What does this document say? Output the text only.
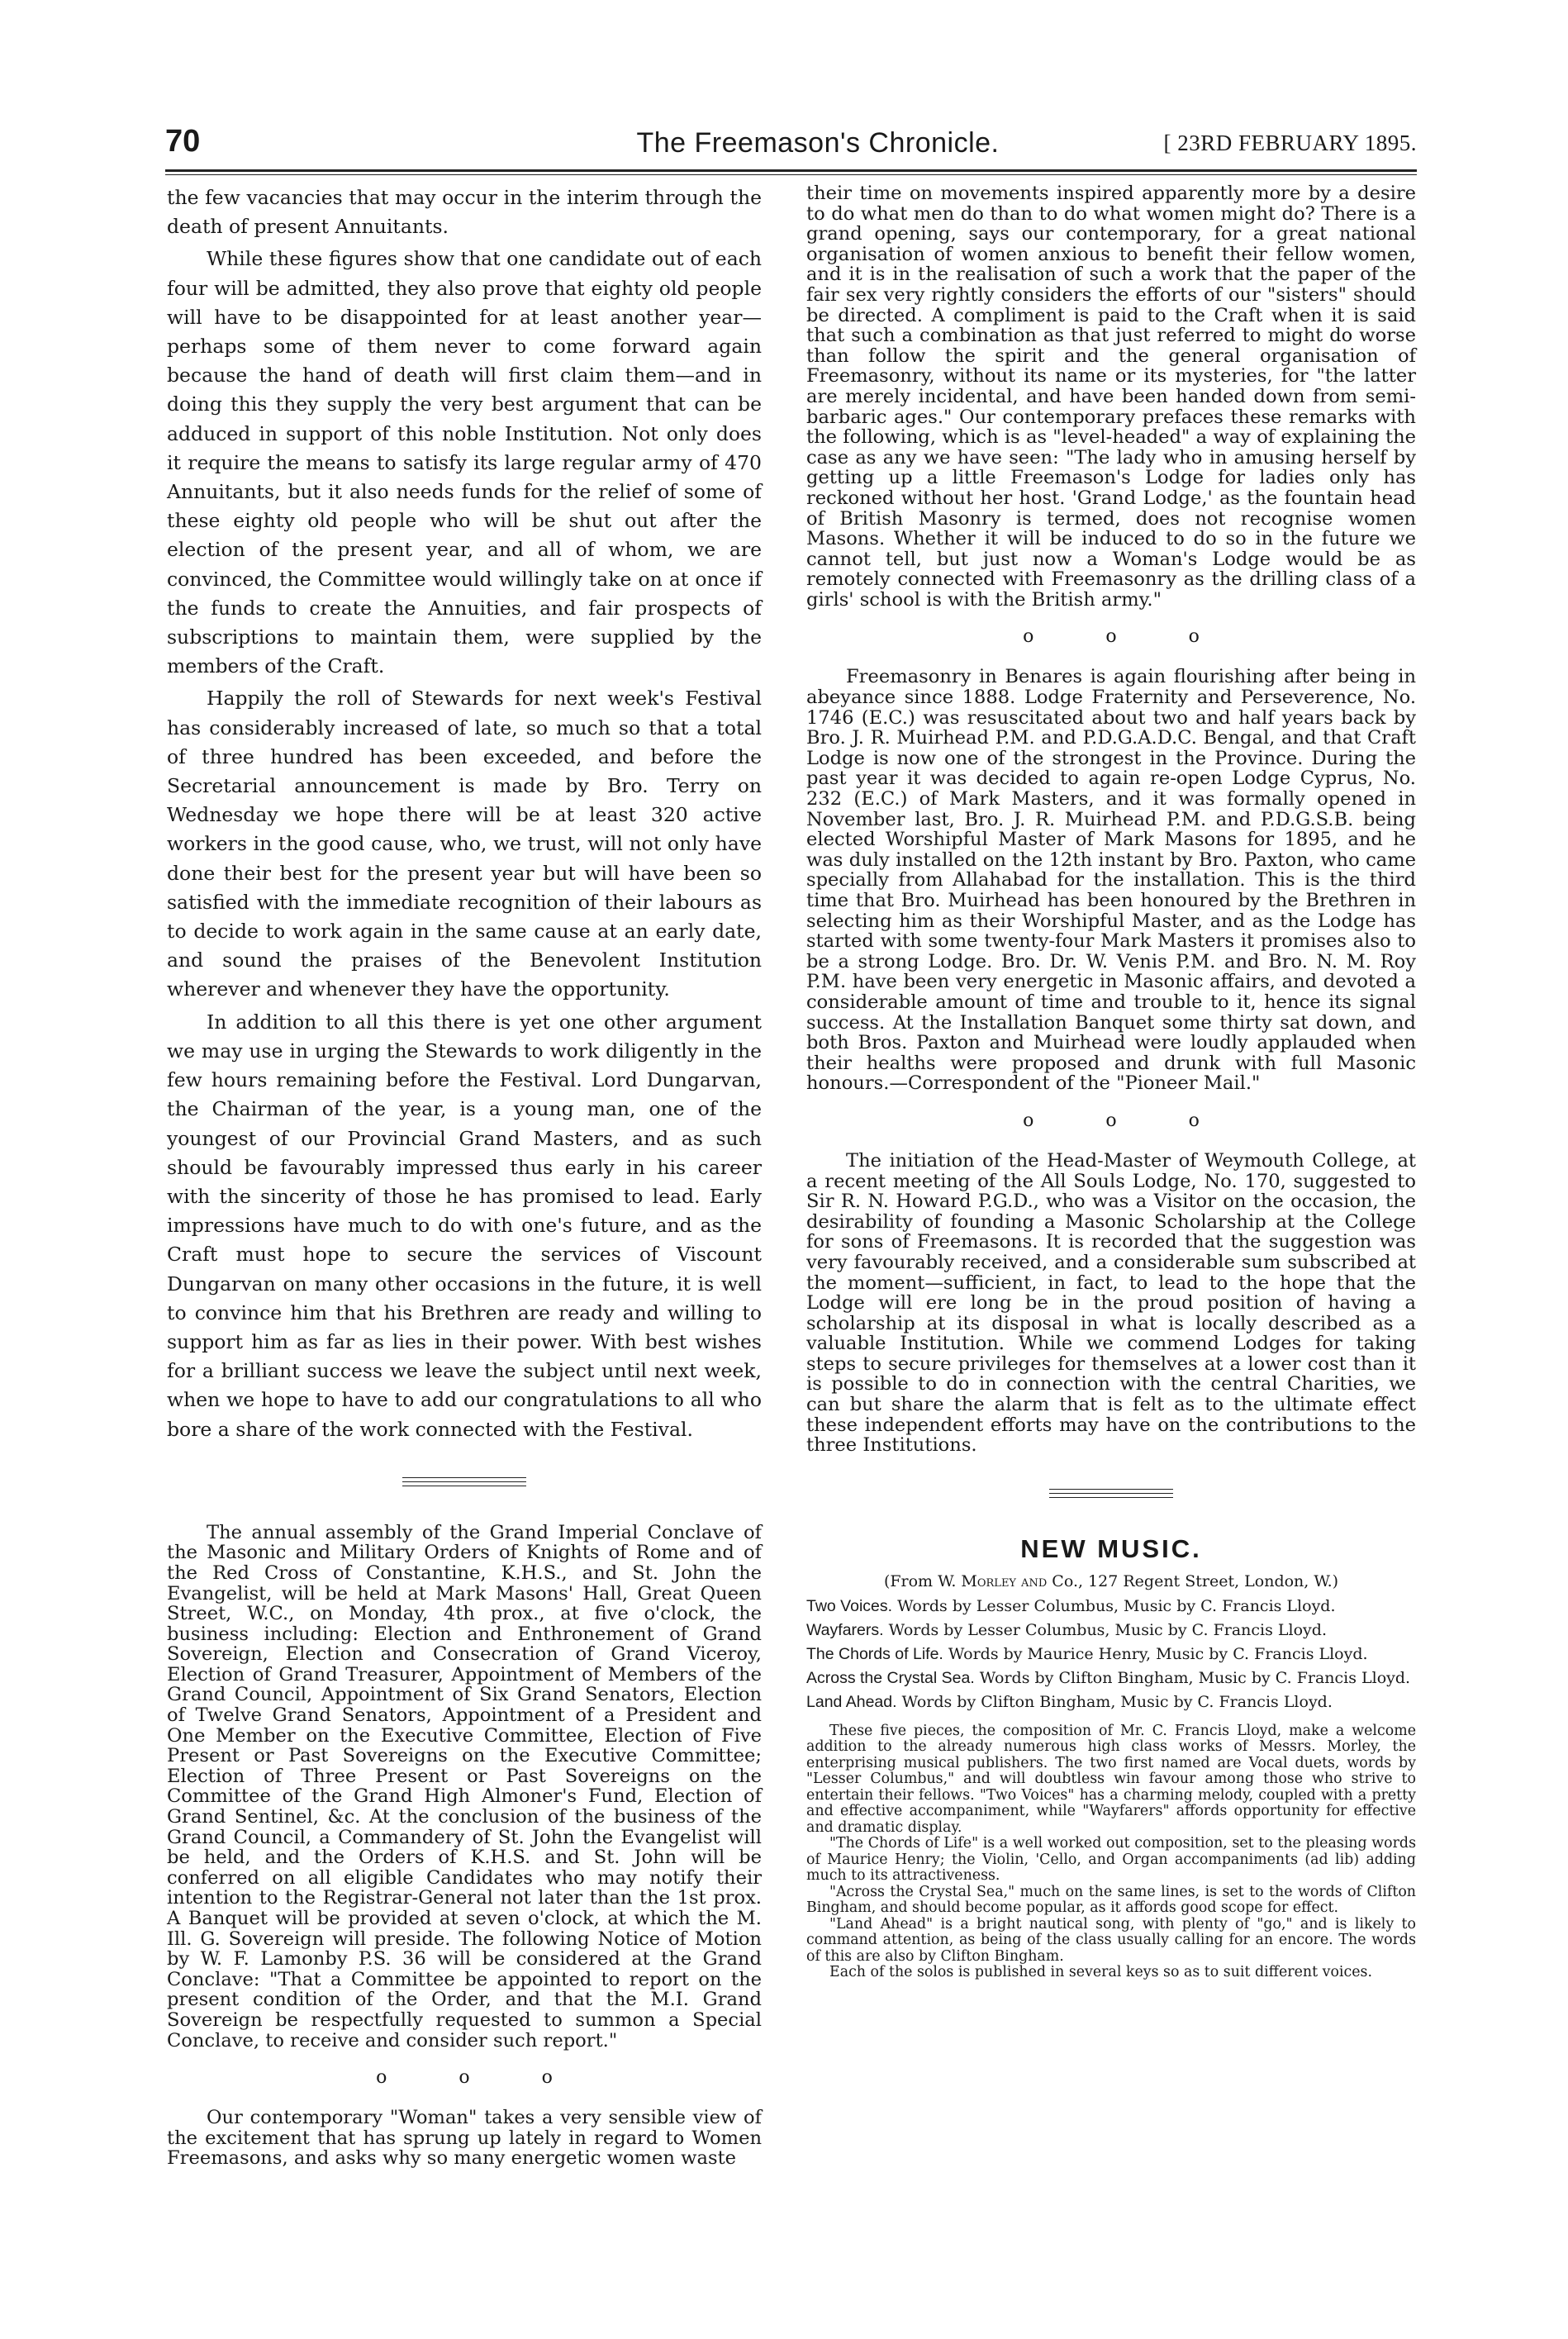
70	The Freemason's Chronicle.	[ 23RD FEBRUARY 1895.

the few vacancies that may occur in the interim through the death of present Annuitants.

While these figures show that one candidate out of each four will be admitted, they also prove that eighty old people will have to be disappointed for at least another year—perhaps some of them never to come forward again because the hand of death will first claim them—and in doing this they supply the very best argument that can be adduced in support of this noble Institution. Not only does it require the means to satisfy its large regular army of 470 Annuitants, but it also needs funds for the relief of some of these eighty old people who will be shut out after the election of the present year, and all of whom, we are convinced, the Committee would willingly take on at once if the funds to create the Annuities, and fair prospects of subscriptions to maintain them, were supplied by the members of the Craft.

Happily the roll of Stewards for next week's Festival has considerably increased of late, so much so that a total of three hundred has been exceeded, and before the Secretarial announcement is made by Bro. Terry on Wednesday we hope there will be at least 320 active workers in the good cause, who, we trust, will not only have done their best for the present year but will have been so satisfied with the immediate recognition of their labours as to decide to work again in the same cause at an early date, and sound the praises of the Benevolent Institution wherever and whenever they have the opportunity.

In addition to all this there is yet one other argument we may use in urging the Stewards to work diligently in the few hours remaining before the Festival. Lord Dungarvan, the Chairman of the year, is a young man, one of the youngest of our Provincial Grand Masters, and as such should be favourably impressed thus early in his career with the sincerity of those he has promised to lead. Early impressions have much to do with one's future, and as the Craft must hope to secure the services of Viscount Dungarvan on many other occasions in the future, it is well to convince him that his Brethren are ready and willing to support him as far as lies in their power. With best wishes for a brilliant success we leave the subject until next week, when we hope to have to add our congratulations to all who bore a share of the work connected with the Festival.

The annual assembly of the Grand Imperial Conclave of the Masonic and Military Orders of Knights of Rome and of the Red Cross of Constantine, K.H.S., and St. John the Evangelist, will be held at Mark Masons' Hall, Great Queen Street, W.C., on Monday, 4th prox., at five o'clock, the business including: Election and Enthronement of Grand Sovereign, Election and Consecration of Grand Viceroy, Election of Grand Treasurer, Appointment of Members of the Grand Council, Appointment of Six Grand Senators, Election of Twelve Grand Senators, Appointment of a President and One Member on the Executive Committee, Election of Five Present or Past Sovereigns on the Executive Committee; Election of Three Present or Past Sovereigns on the Committee of the Grand High Almoner's Fund, Election of Grand Sentinel, &c. At the conclusion of the business of the Grand Council, a Commandery of St. John the Evangelist will be held, and the Orders of K.H.S. and St. John will be conferred on all eligible Candidates who may notify their intention to the Registrar-General not later than the 1st prox. A Banquet will be provided at seven o'clock, at which the M. Ill. G. Sovereign will preside. The following Notice of Motion by W. F. Lamonby P.S. 36 will be considered at the Grand Conclave: "That a Committee be appointed to report on the present condition of the Order, and that the M.I. Grand Sovereign be respectfully requested to summon a Special Conclave, to receive and consider such report."

o o o

Our contemporary "Woman" takes a very sensible view of the excitement that has sprung up lately in regard to Women Freemasons, and asks why so many energetic women waste

their time on movements inspired apparently more by a desire to do what men do than to do what women might do? There is a grand opening, says our contemporary, for a great national organisation of women anxious to benefit their fellow women, and it is in the realisation of such a work that the paper of the fair sex very rightly considers the efforts of our "sisters" should be directed. A compliment is paid to the Craft when it is said that such a combination as that just referred to might do worse than follow the spirit and the general organisation of Freemasonry, without its name or its mysteries, for "the latter are merely incidental, and have been handed down from semi-barbaric ages." Our contemporary prefaces these remarks with the following, which is as "level-headed" a way of explaining the case as any we have seen: "The lady who in amusing herself by getting up a little Freemason's Lodge for ladies only has reckoned without her host. 'Grand Lodge,' as the fountain head of British Masonry is termed, does not recognise women Masons. Whether it will be induced to do so in the future we cannot tell, but just now a Woman's Lodge would be as remotely connected with Freemasonry as the drilling class of a girls' school is with the British army."

o o o

Freemasonry in Benares is again flourishing after being in abeyance since 1888. Lodge Fraternity and Perseverence, No. 1746 (E.C.) was resuscitated about two and half years back by Bro. J. R. Muirhead P.M. and P.D.G.A.D.C. Bengal, and that Craft Lodge is now one of the strongest in the Province. During the past year it was decided to again re-open Lodge Cyprus, No. 232 (E.C.) of Mark Masters, and it was formally opened in November last, Bro. J. R. Muirhead P.M. and P.D.G.S.B. being elected Worshipful Master of Mark Masons for 1895, and he was duly installed on the 12th instant by Bro. Paxton, who came specially from Allahabad for the installation. This is the third time that Bro. Muirhead has been honoured by the Brethren in selecting him as their Worshipful Master, and as the Lodge has started with some twenty-four Mark Masters it promises also to be a strong Lodge. Bro. Dr. W. Venis P.M. and Bro. N. M. Roy P.M. have been very energetic in Masonic affairs, and devoted a considerable amount of time and trouble to it, hence its signal success. At the Installation Banquet some thirty sat down, and both Bros. Paxton and Muirhead were loudly applauded when their healths were proposed and drunk with full Masonic honours.—Correspondent of the "Pioneer Mail."

o o o

The initiation of the Head-Master of Weymouth College, at a recent meeting of the All Souls Lodge, No. 170, suggested to Sir R. N. Howard P.G.D., who was a Visitor on the occasion, the desirability of founding a Masonic Scholarship at the College for sons of Freemasons. It is recorded that the suggestion was very favourably received, and a considerable sum subscribed at the moment—sufficient, in fact, to lead to the hope that the Lodge will ere long be in the proud position of having a scholarship at its disposal in what is locally described as a valuable Institution. While we commend Lodges for taking steps to secure privileges for themselves at a lower cost than it is possible to do in connection with the central Charities, we can but share the alarm that is felt as to the ultimate effect these independent efforts may have on the contributions to the three Institutions.

NEW MUSIC.
(From W. Morley and Co., 127 Regent Street, London, W.)
Two Voices. Words by Lesser Columbus, Music by C. Francis Lloyd.
Wayfarers. Words by Lesser Columbus, Music by C. Francis Lloyd.
The Chords of Life. Words by Maurice Henry, Music by C. Francis Lloyd.
Across the Crystal Sea. Words by Clifton Bingham, Music by C. Francis Lloyd.
Land Ahead. Words by Clifton Bingham, Music by C. Francis Lloyd.

These five pieces, the composition of Mr. C. Francis Lloyd, make a welcome addition to the already numerous high class works of Messrs. Morley, the enterprising musical publishers. The two first named are Vocal duets, words by "Lesser Columbus," and will doubtless win favour among those who strive to entertain their fellows. "Two Voices" has a charming melody, coupled with a pretty and effective accompaniment, while "Wayfarers" affords opportunity for effective and dramatic display.

"The Chords of Life" is a well worked out composition, set to the pleasing words of Maurice Henry; the Violin, 'Cello, and Organ accompaniments (ad lib) adding much to its attractiveness.

"Across the Crystal Sea," much on the same lines, is set to the words of Clifton Bingham, and should become popular, as it affords good scope for effect.

"Land Ahead" is a bright nautical song, with plenty of "go," and is likely to command attention, as being of the class usually calling for an encore. The words of this are also by Clifton Bingham.

Each of the solos is published in several keys so as to suit different voices.
